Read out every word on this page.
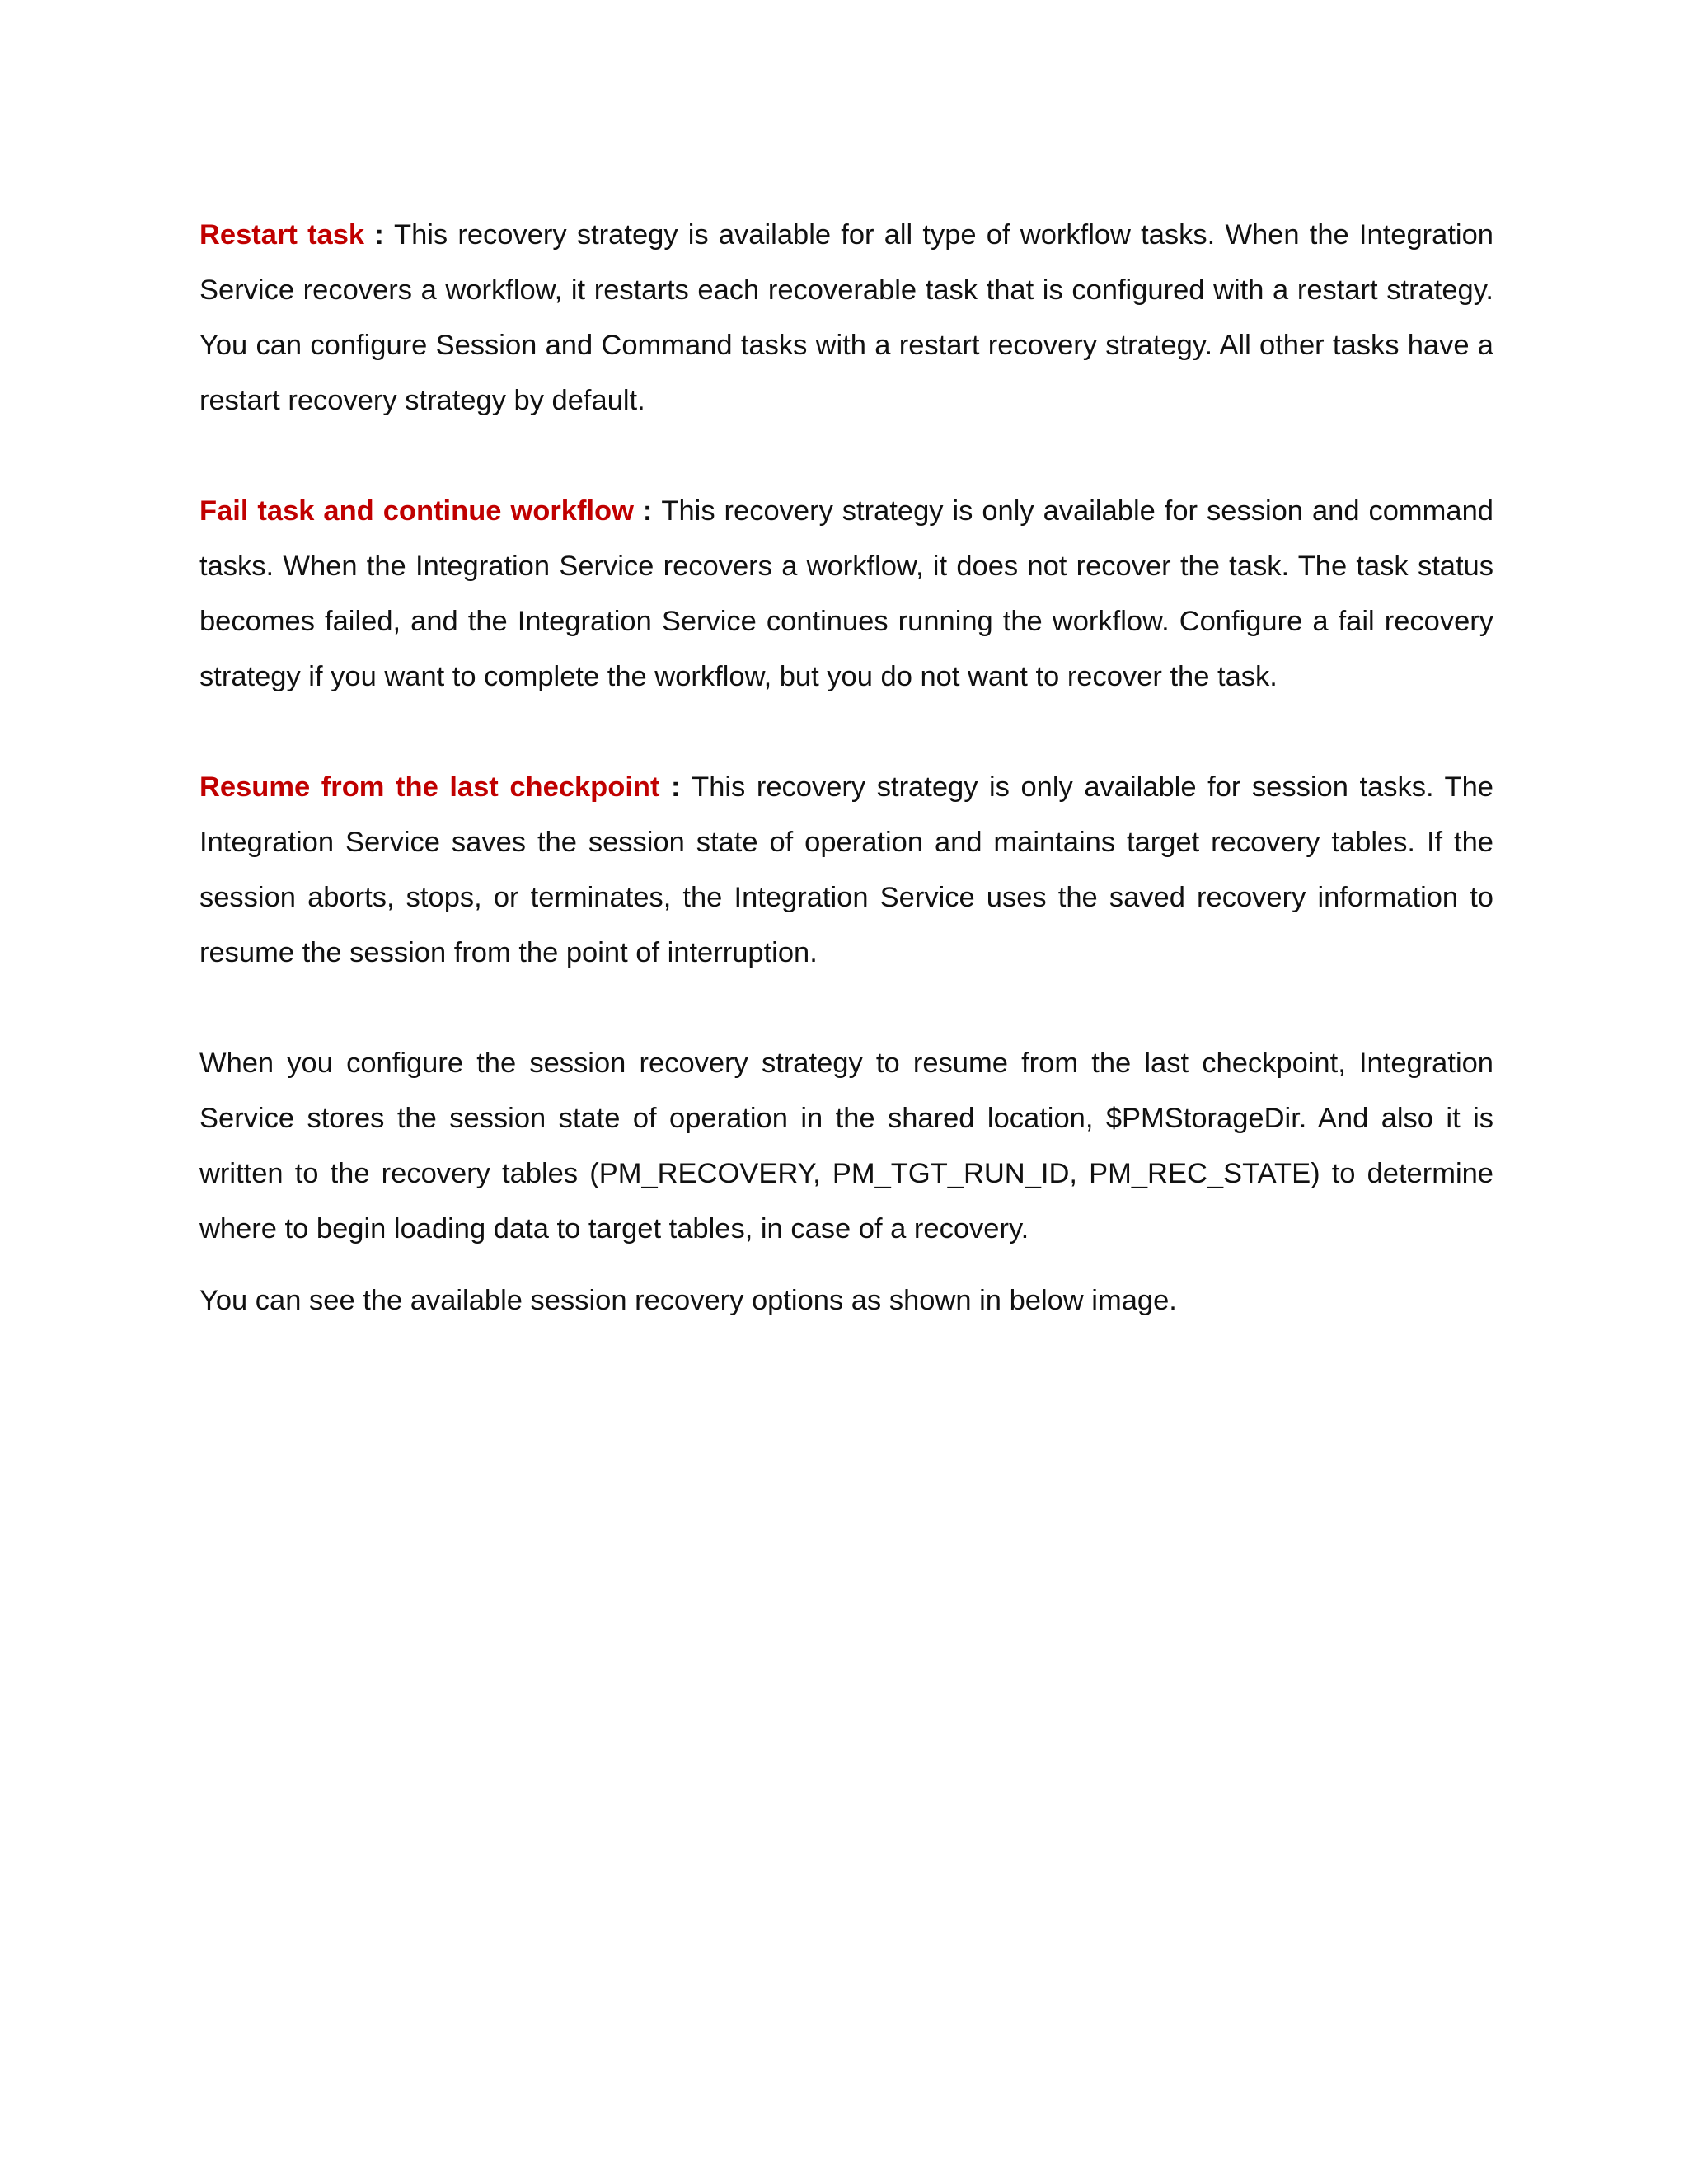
Restart task : This recovery strategy is available for all type of workflow tasks. When the Integration Service recovers a workflow, it restarts each recoverable task that is configured with a restart strategy. You can configure Session and Command tasks with a restart recovery strategy. All other tasks have a restart recovery strategy by default.

Fail task and continue workflow : This recovery strategy is only available for session and command tasks. When the Integration Service recovers a workflow, it does not recover the task. The task status becomes failed, and the Integration Service continues running the workflow. Configure a fail recovery strategy if you want to complete the workflow, but you do not want to recover the task.

Resume from the last checkpoint : This recovery strategy is only available for session tasks. The Integration Service saves the session state of operation and maintains target recovery tables. If the session aborts, stops, or terminates, the Integration Service uses the saved recovery information to resume the session from the point of interruption.

When you configure the session recovery strategy to resume from the last checkpoint, Integration Service stores the session state of operation in the shared location, $PMStorageDir. And also it is written to the recovery tables (PM_RECOVERY, PM_TGT_RUN_ID, PM_REC_STATE) to determine where to begin loading data to target tables, in case of a recovery.

You can see the available session recovery options as shown in below image.
